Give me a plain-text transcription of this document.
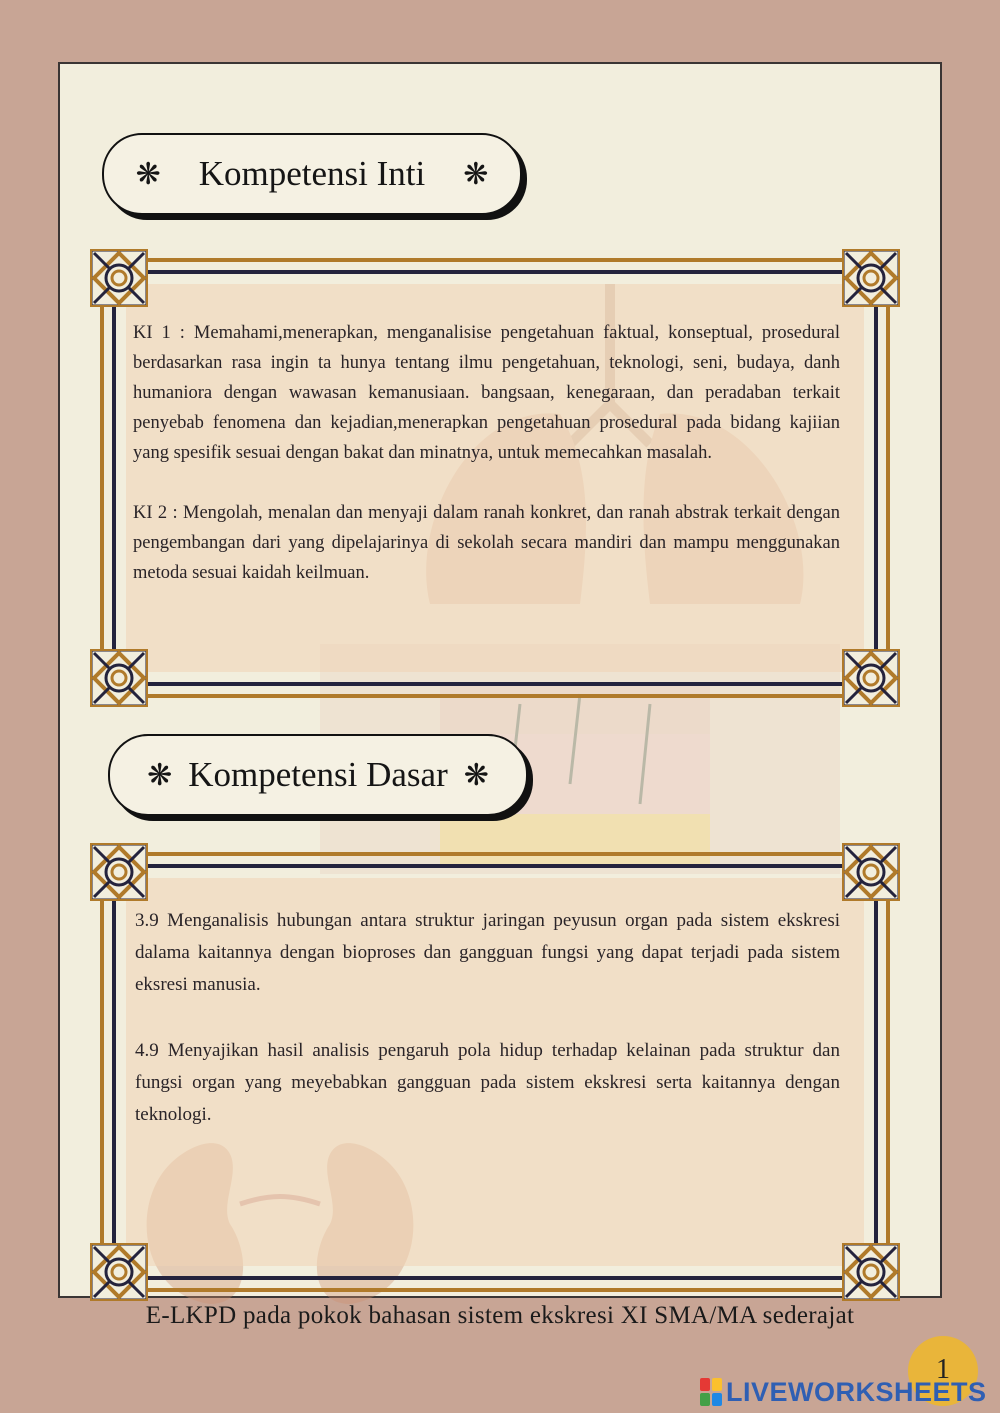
❋ Kompetensi Inti ❋

KI 1 : Memahami,menerapkan, menganalisise pengetahuan faktual, konseptual, prosedural berdasarkan rasa ingin ta hunya tentang ilmu pengetahuan, teknologi, seni, budaya, danh humaniora dengan wawasan kemanusiaan. bangsaan, kenegaraan, dan peradaban terkait penyebab fenomena dan kejadian,menerapkan pengetahuan prosedural pada bidang kajiian yang spesifik sesuai dengan bakat dan minatnya, untuk memecahkan masalah.

KI 2 : Mengolah, menalan dan menyaji dalam ranah konkret, dan ranah abstrak terkait dengan pengembangan dari yang dipelajarinya di sekolah secara mandiri dan mampu menggunakan metoda sesuai kaidah keilmuan.

❋ Kompetensi Dasar ❋

3.9 Menganalisis hubungan antara struktur jaringan peyusun organ pada sistem ekskresi dalama kaitannya dengan bioproses dan gangguan fungsi yang dapat terjadi pada sistem eksresi manusia.

4.9 Menyajikan hasil analisis pengaruh pola hidup terhadap kelainan pada struktur dan fungsi organ yang meyebabkan gangguan pada sistem ekskresi serta kaitannya dengan teknologi.

E-LKPD pada pokok bahasan sistem ekskresi XI SMA/MA sederajat
1
LIVEWORKSHEETS
